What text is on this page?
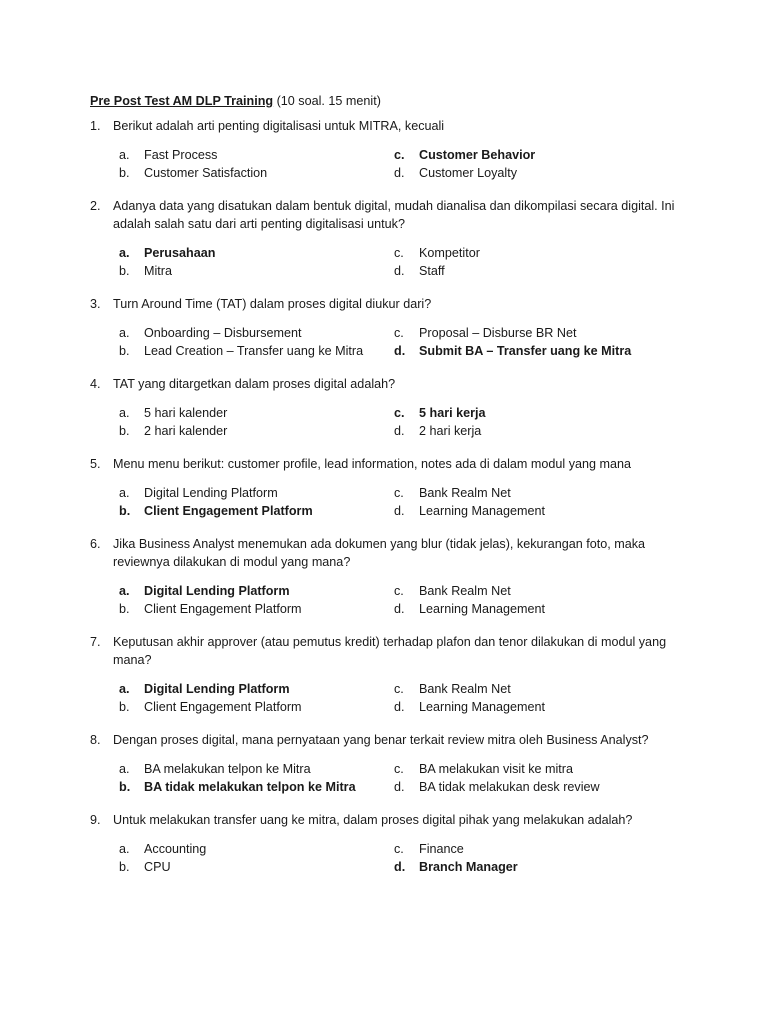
Pre Post Test AM DLP Training (10 soal. 15 menit)
1. Berikut adalah arti penting digitalisasi untuk MITRA, kecuali
a.	Fast Process	c.	Customer Behavior
b.	Customer Satisfaction	d.	Customer Loyalty
2. Adanya data yang disatukan dalam bentuk digital, mudah dianalisa dan dikompilasi secara digital. Ini adalah salah satu dari arti penting digitalisasi untuk?
a.	Perusahaan	c.	Kompetitor
b.	Mitra	d.	Staff
3. Turn Around Time (TAT) dalam proses digital diukur dari?
a.	Onboarding – Disbursement	c.	Proposal – Disburse BR Net
b.	Lead Creation – Transfer uang ke Mitra d.	Submit BA – Transfer uang ke Mitra
4. TAT yang ditargetkan dalam proses digital adalah?
a.	5 hari kalender	c.	5 hari kerja
b.	2 hari kalender	d.	2 hari kerja
5. Menu menu berikut: customer profile, lead information, notes ada di dalam modul yang mana
a.	Digital Lending Platform	c.	Bank Realm Net
b.	Client Engagement Platform	d.	Learning Management
6. Jika Business Analyst menemukan ada dokumen yang blur (tidak jelas), kekurangan foto, maka reviewnya dilakukan di modul yang mana?
a.	Digital Lending Platform	c.	Bank Realm Net
b.	Client Engagement Platform	d.	Learning Management
7. Keputusan akhir approver (atau pemutus kredit) terhadap plafon dan tenor dilakukan di modul yang mana?
a.	Digital Lending Platform	c.	Bank Realm Net
b.	Client Engagement Platform	d.	Learning Management
8. Dengan proses digital, mana pernyataan yang benar terkait review mitra oleh Business Analyst?
a.	BA melakukan telpon ke Mitra	c.	BA melakukan visit ke mitra
b.	BA tidak melakukan telpon ke Mitra	d.	BA tidak melakukan desk review
9. Untuk melakukan transfer uang ke mitra, dalam proses digital pihak yang melakukan adalah?
a.	Accounting	c.	Finance
b.	CPU	d.	Branch Manager
